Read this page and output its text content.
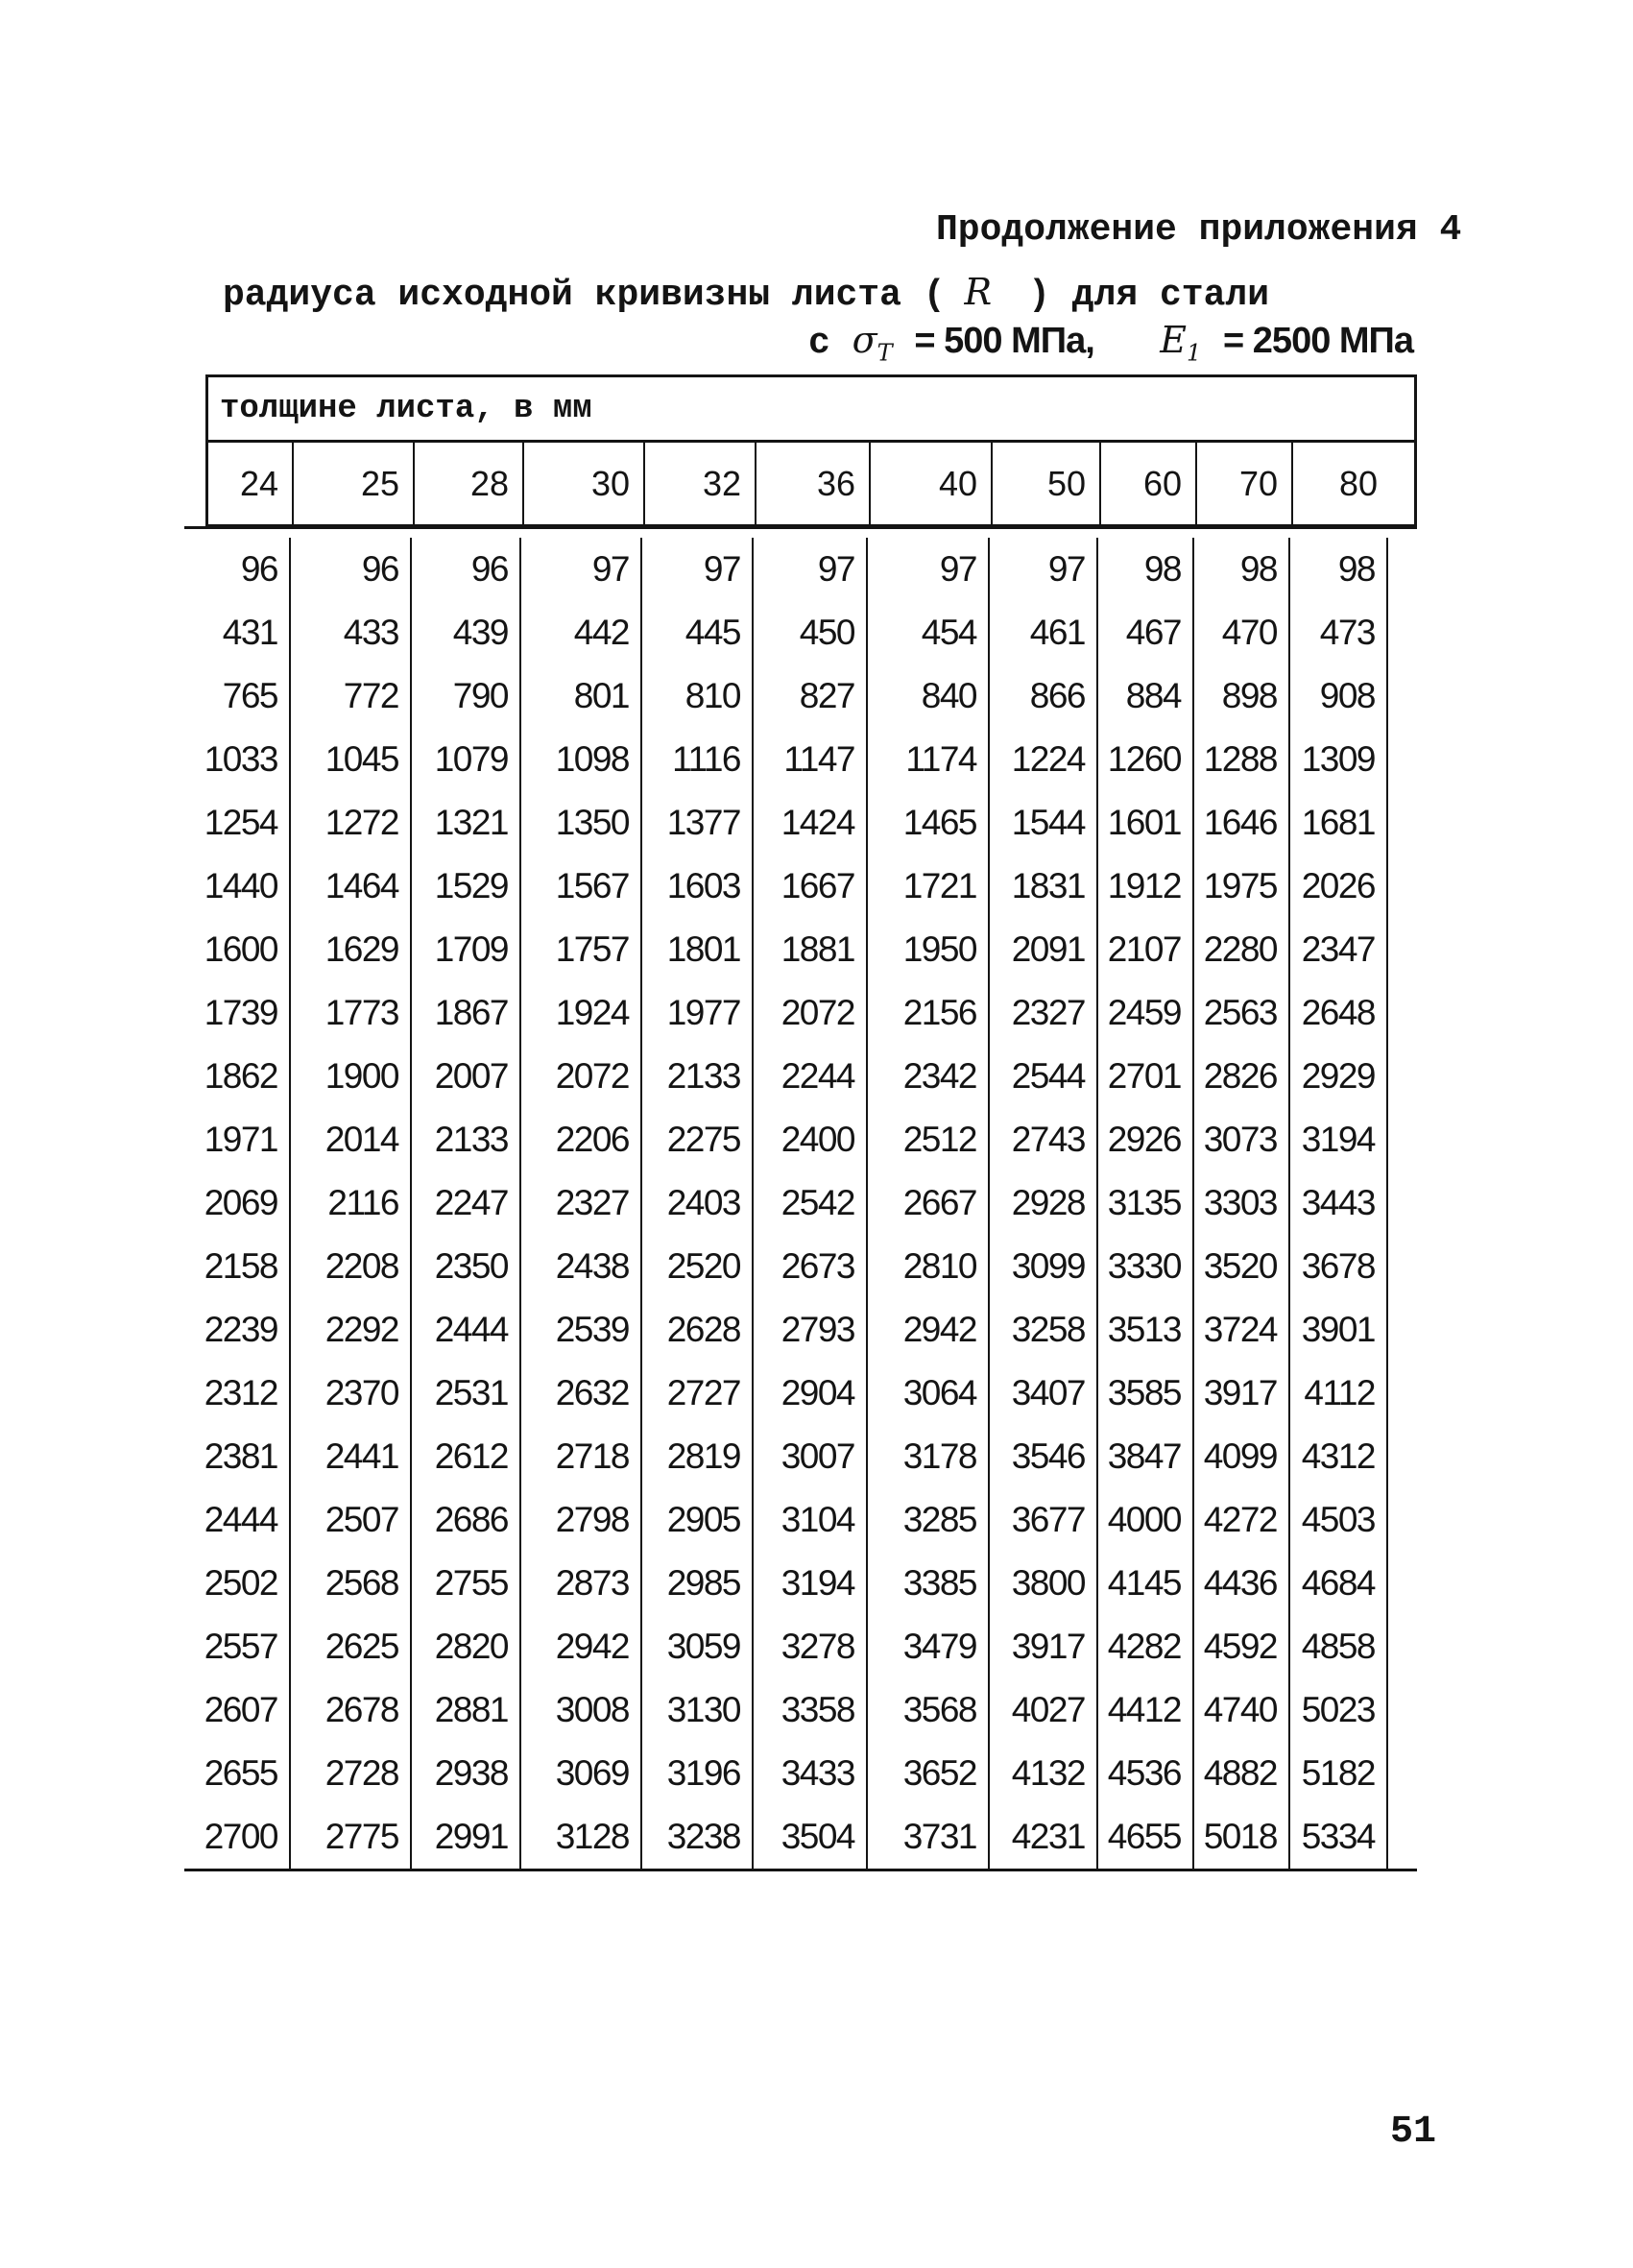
Продолжение приложения 4
радиуса исходной кривизны листа ( R ) для стали
с $\sigma_T = 500$ МПа, $E_1 = 2500$ МПа
толщине листа, в мм
24	25	28	30	32	36	40	50	60	70	80
96	96	96	97	97	97	97	97	98	98	98
431	433	439	442	445	450	454	461	467	470	473
765	772	790	801	810	827	840	866	884	898	908
1033	1045	1079	1098	1116	1147	1174 1224 1260 1288 1309
1254	1272	1321	1350	1377	1424	1465 1544 1601 1646 1681
1440	1464	1529	1567	1603	1667	1721 1831 1912 1975 2026
1600	1629	1709	1757	1801	1881	1950 2091 2107 2280 2347
1739	1773	1867	1924	1977	2072	2156 2327 2459 2563 2648
1862	1900	2007	2072	2133	2244	2342 2544 2701 2826 2929
1971	2014	2133	2206	2275	2400	2512 2743 2926 3073 3194
2069	2116	2247	2327	2403	2542	2667 2928 3135 3303 3443
2158	2208	2350	2438	2520	2673	2810 3099 3330 3520 3678
2239	2292	2444	2539	2628	2793	2942 3258 3513 3724 3901
2312	2370	2531	2632	2727	2904	3064 3407 3585 3917 4112
2381	2441	2612	2718	2819	3007	3178 3546 3847 4099 4312
2444	2507	2686	2798	2905	3104	3285 3677 4000 4272 4503
2502	2568	2755	2873	2985	3194	3385 3800 4145 4436 4684
2557	2625	2820	2942	3059	3278	3479 3917 4282 4592 4858
2607	2678	2881	3008	3130	3358	3568 4027 4412 4740 5023
2655	2728	2938	3069	3196	3433	3652 4132 4536 4882 5182
2700	2775	2991	3128	3238	3504	3731 4231 4655 5018 5334
51
